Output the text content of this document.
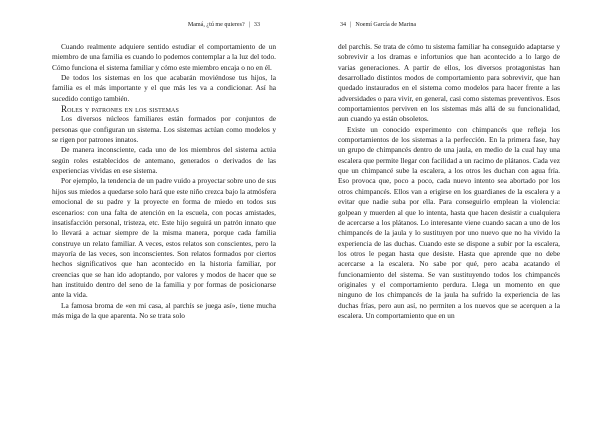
Mamá, ¿tú me quieres? | 33

Cuando realmente adquiere sentido estudiar el comportamiento de un miembro de una familia es cuando lo podemos contemplar a la luz del todo. Cómo funciona el sistema familiar y cómo este miembro encaja o no en él.

De todos los sistemas en los que acabarán moviéndose tus hijos, la familia es el más importante y el que más les va a condicionar. Así ha sucedido contigo también.

Roles y patrones en los sistemas

Los diversos núcleos familiares están formados por conjuntos de personas que configuran un sistema. Los sistemas actúan como modelos y se rigen por patrones innatos.

De manera inconsciente, cada uno de los miembros del sistema actúa según roles establecidos de antemano, generados o derivados de las experiencias vividas en ese sistema.

Por ejemplo, la tendencia de un padre vuido a proyectar sobre uno de sus hijos sus miedos a quedarse solo hará que este niño crezca bajo la atmósfera emocional de su padre y la proyecte en forma de miedo en todos sus escenarios: con una falta de atención en la escuela, con pocas amistades, insatisfacción personal, tristeza, etc. Este hijo seguirá un patrón innato que lo llevará a actuar siempre de la misma manera, porque cada familia construye un relato familiar. A veces, estos relatos son conscientes, pero la mayoría de las veces, son inconscientes. Son relatos formados por ciertos hechos significativos que han acontecido en la historia familiar, por creencias que se han ido adoptando, por valores y modos de hacer que se han instituido dentro del seno de la familia y por formas de posicionarse ante la vida.

La famosa broma de «en mi casa, al parchís se juega así», tiene mucha más miga de la que aparenta. No se trata solo

34 | Noemí García de Marina

del parchís. Se trata de cómo tu sistema familiar ha conseguido adaptarse y sobrevivir a los dramas e infortunios que han acontecido a lo largo de varias generaciones. A partir de ellos, los diversos protagonistas han desarrollado distintos modos de comportamiento para sobrevivir, que han quedado instaurados en el sistema como modelos para hacer frente a las adversidades o para vivir, en general, casi como sistemas preventivos. Esos comportamientos perviven en los sistemas más allá de su funcionalidad, aun cuando ya están obsoletos.

Existe un conocido experimento con chimpancés que refleja los comportamientos de los sistemas a la perfección. En la primera fase, hay un grupo de chimpancés dentro de una jaula, en medio de la cual hay una escalera que permite llegar con facilidad a un racimo de plátanos. Cada vez que un chimpancé sube la escalera, a los otros les duchan con agua fría. Eso provoca que, poco a poco, cada nuevo intento sea abortado por los otros chimpancés. Ellos van a erigirse en los guardianes de la escalera y a evitar que nadie suba por ella. Para conseguirlo emplean la violencia: golpean y muerden al que lo intenta, hasta que hacen desistir a cualquiera de acercarse a los plátanos. Lo interesante viene cuando sacan a uno de los chimpancés de la jaula y lo sustituyen por uno nuevo que no ha vivido la experiencia de las duchas. Cuando este se dispone a subir por la escalera, los otros le pegan hasta que desiste. Hasta que aprende que no debe acercarse a la escalera. No sabe por qué, pero acaba acatando el funcionamiento del sistema. Se van sustituyendo todos los chimpancés originales y el comportamiento perdura. Llega un momento en que ninguno de los chimpancés de la jaula ha sufrido la experiencia de las duchas frías, pero aun así, no permiten a los nuevos que se acerquen a la escalera. Un comportamiento que en un
